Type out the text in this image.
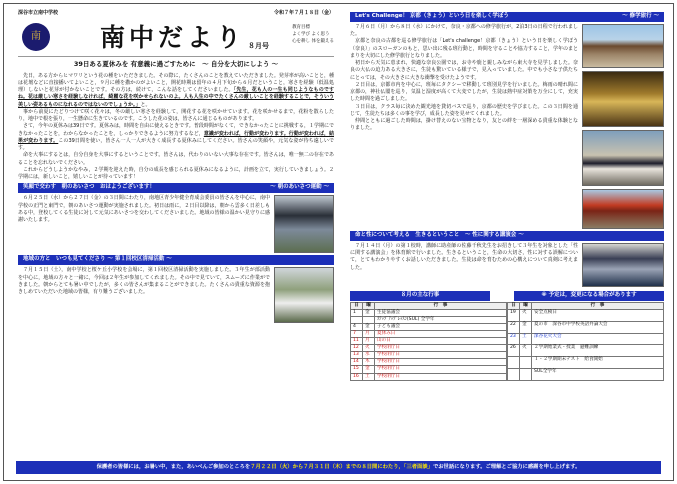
深谷市立南中学校	令和７年７月１８日（金）
南	南中だより ８月号
教育目標
よく学び よく思う
心を耕し 体を鍛える
39日ある夏休みを 有意義に過ごすために　～ 自分を大切にしよう ～

先日，ある方からヒマワリという花の種をいただきました。その際に，たくさんのことを教えていただきました。発芽率が高いことと，種は花壇などに直接播いてよいこと，９月に種を撒かのがよいこと，開花時期は留年の４月下旬から６月だということ，寒さを経験（低温処理）しないと花芽が付かないことです。その方は，続けて，こんな話をしてくださいました。「先生，花も人の一生も同じようなものですね。花は厳しい寒さを経験しなければ，綺麗な花を咲かせられないのよ。人も人生の中でたくさんの厳しいことを経験することで，そういう美しい姿あるものになれるのではないのでしょうか。」と。

事から前夏にたどりつけて咲く花々は，冬の厳しい寒さを経験して，開花する花を咲かせています。花を咲かせるまで，花粉を散らしたり，地中で根を張り，一生懸命に生きているのです。こうした花の姿は，皆さんに通じるものがあります。

さて，今年の夏休みは39日です。夏休みは，時間を自由に使えるときです。普段時間がなくて，できなかったことに挑戦する，１学期にできなかったことを，わからなかったことを，しっかりできるように努力するなど，意識が変われば，行動が変わります。行動が変われば，結果が変わります。この39日間を使い，皆さん一人一人が大きく成長する夏休みにしてください。皆さんの笑顔や，元気な姿が待ち遠しいです。

命を大事にするとは，自分自身を大事にするということです。皆さんは，代わりのいない大事な存在です。皆さんは，唯一無二の存在であることを忘れないでください。

これからどうしようかなやみ，２学期を迎えた時，自分の成長を感じられる夏休みになるように，計画を立て，実行していきましょう。２学期には，新しいこと，嬉しいことが待っています！

笑顔で交わす　朝のあいさつ　おはようございます！	～ 朝のあいさつ運動 ～

６月２５日（水）から２７日（金）の３日間にわたり，南地区青少年健全育成会委員の皆さんを中心に，南中学校の正門と東門で，朝のあいさつ運動が実施されました。初日は雨に，２日目以降は，朝から雲多く日差しもある中，登校してくる生徒に対して元気にあいさつを交わしてくださいました。地域の皆様の温かい見守りに感謝いたします。

地域の方と　いつも見てくださり 〜 第１回校区清掃活動 〜

７月１５日（土），南中学校と桜ケ丘小学校を会場に，第１回校区清掃活動を実施しました。３年生が部活動を中心に，地域の方々と一緒に，今回は２年生が参加してくれました。その中で見ていて，スムーズに作業ができました。朝からとても暑い中でしたが，多くの皆さんが集まることができました。たくさんの貴重な資源を抱きしめていただいた地域の皆様，有り難うございました。

Let's Challenge！ 京都（きょう）という日を楽しく学ぼう	～ 修学旅行 ～

７月６日（月）から８日（水）にかけて，奈良・京都への修学旅行が，2泊3日の日程で行われました。

京都と奈良の古都を巡る修学旅行は「Let's challenge！京都（きょう）という日を楽しく学ぼう（奈良）」のスローガンのもと，思い出に残る班行動と，時間を守ることや協力すること，学年のまとまりを大切にした修学旅行となりました。

初日から天気に恵まれ，快適な奈良公園では，お寺や鹿と親しみながら東大寺を見学しました。奈良の大仏の迫力ある大きさに，生徒も驚いている様子で，見入っていました。中でも小さな子供たちにとっては，その大きさに大きな衝撃を受けたようです。

２日目は，京都市内を中心に，班毎にタクシーで移動して班別見学を行いました。梅雨の晴れ間に京都の，神社仏閣を巡り，気温と湿度が高くて大変でしたが，生徒は熱中症対策を万全にして，充実した時間を過ごしました。

３日目は，クラス毎に決めた観光地を貸切バスで巡り，京都の歴史を学びました。この３日間を通じて，生徒たちは多くの事を学び，成長した姿を見せてくれました。

仲間とともに過ごした時間は，掛け替えのない宝物となり，友との絆を一層深める貴重な体験となりました。

命と性について考える　生きるということ　～ 性に関する講演会 ～

７月１４日（月）の第１校時，講師に助産師の佐藤千秋先生をお招きして３年生を対象とした「性に関する講演会」を体育館で行いました。生きるということ，生命の大切さ，性に対する誤解について，とてもわかりやすくお話しいただきました。生徒は命を育むための心構えについて真剣に考えました。

８月の主な行事	※ 予定は，変更になる場合があります
日	曜	行　事
1	金	生徒協議会
		ｽﾃｯﾌﾟｱｯﾌﾟﾚｯｽﾝ(SUL) 全学年
4	金	子ども議会
7	月	夏休み日
11	月	山の日
12	火	学校閉庁日
13	水	学校閉庁日
14	木	学校閉庁日
15	金	学校閉庁日
16	土	学校閉庁日
日	曜	行　事
19	火	安全点検日
22	金	夏の市　深谷市中学校英語弁論大会
23	土	深谷花火大会
26	火	２学期始業式・授業　避難訓練
		１・２学期期末テスト　給食開始
		SUL全学年
保護者の皆様には，お暑い中，また，あいべんご参加のところを ７月２２日（火）から７月３１日（木）までの８日間にわたり，「三者面談」 でお世話になります。ご理解とご協力に感謝を申し上げます。
